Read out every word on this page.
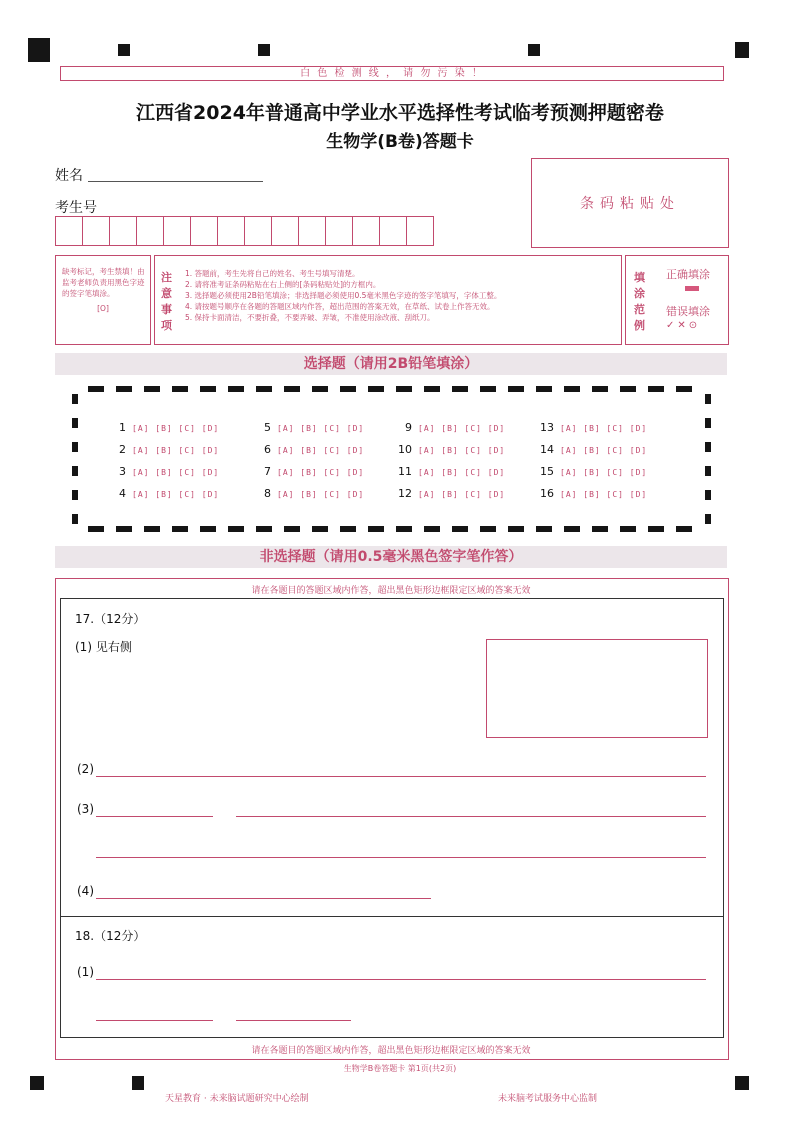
白 色 检 测 线 ， 请 勿 污 染 ！
江西省2024年普通高中学业水平选择性考试临考预测押题密卷
生物学(B卷)答题卡
姓名
考生号	条码粘贴处
缺考标记，考生禁填！由监考老师负责用黑色字迹的签字笔填涂。
[O]
注意事项
1. 答题前，考生先将自己的姓名、考生号填写清楚。
2. 请将准考证条码粘贴在右上侧的[条码粘贴处]的方框内。
3. 选择题必须使用2B铅笔填涂；非选择题必须使用0.5毫米黑色字迹的签字笔填写，字体工整。
4. 请按题号顺序在各题的答题区域内作答，超出范围的答案无效，在草纸、试卷上作答无效。
5. 保持卡面清洁，不要折叠，不要弄破、弄皱，不准使用涂改液、刮纸刀。
填涂范例
正确填涂
错误填涂
✓✕⊙
选择题（请用2B铅笔填涂）
1 [A] [B] [C] [D]
2 [A] [B] [C] [D]
3 [A] [B] [C] [D]
4 [A] [B] [C] [D]
5 [A] [B] [C] [D]
6 [A] [B] [C] [D]
7 [A] [B] [C] [D]
8 [A] [B] [C] [D]
9 [A] [B] [C] [D]
10 [A] [B] [C] [D]
11 [A] [B] [C] [D]
12 [A] [B] [C] [D]
13 [A] [B] [C] [D]
14 [A] [B] [C] [D]
15 [A] [B] [C] [D]
16 [A] [B] [C] [D]
非选择题（请用0.5毫米黑色签字笔作答）
请在各题目的答题区域内作答，超出黑色矩形边框限定区域的答案无效
17.（12分）
(1) 见右侧
(2)
(3)
(4)
18.（12分）
(1)
请在各题目的答题区域内作答，超出黑色矩形边框限定区域的答案无效
生物学B卷答题卡 第1页(共2页)
天星教育 · 未来脑试题研究中心绘制	未来脑考试服务中心监制
